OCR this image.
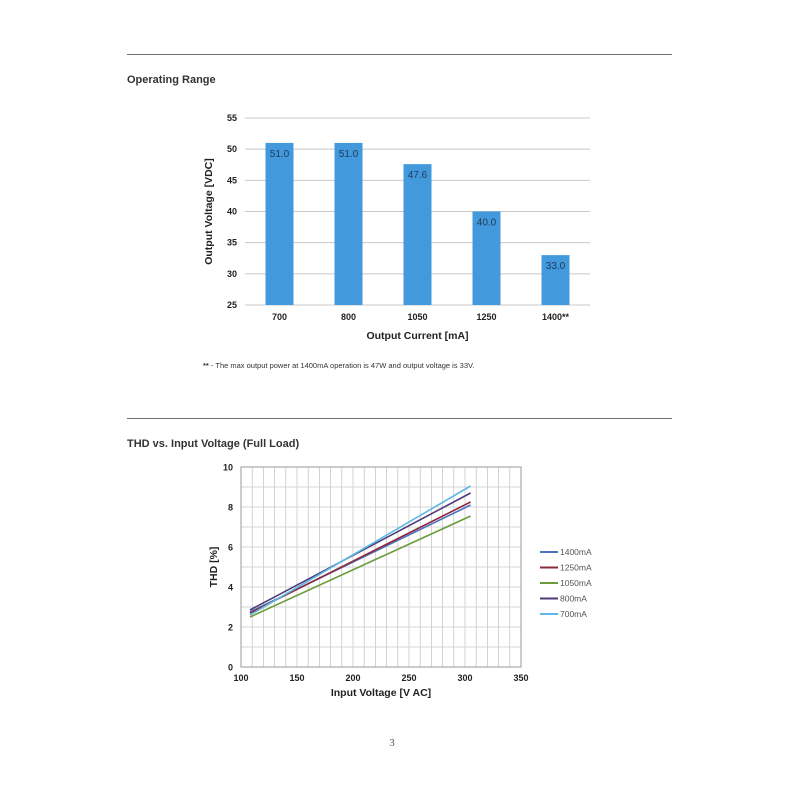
Operating Range
25
30
35
40
45
50
55
51.0
700
51.0
800
47.6
1050
40.0
1250
33.0
1400**
Output Current [mA]
Output Voltage [VDC]
** - The max output power at 1400mA operation is 47W and output voltage is 33V.
THD vs. Input Voltage (Full Load)
0
2
4
6
8
10
100	150	200	250	300	350
1400mA
1250mA
1050mA
800mA
700mA
Input Voltage [V AC]
THD [%]
3
